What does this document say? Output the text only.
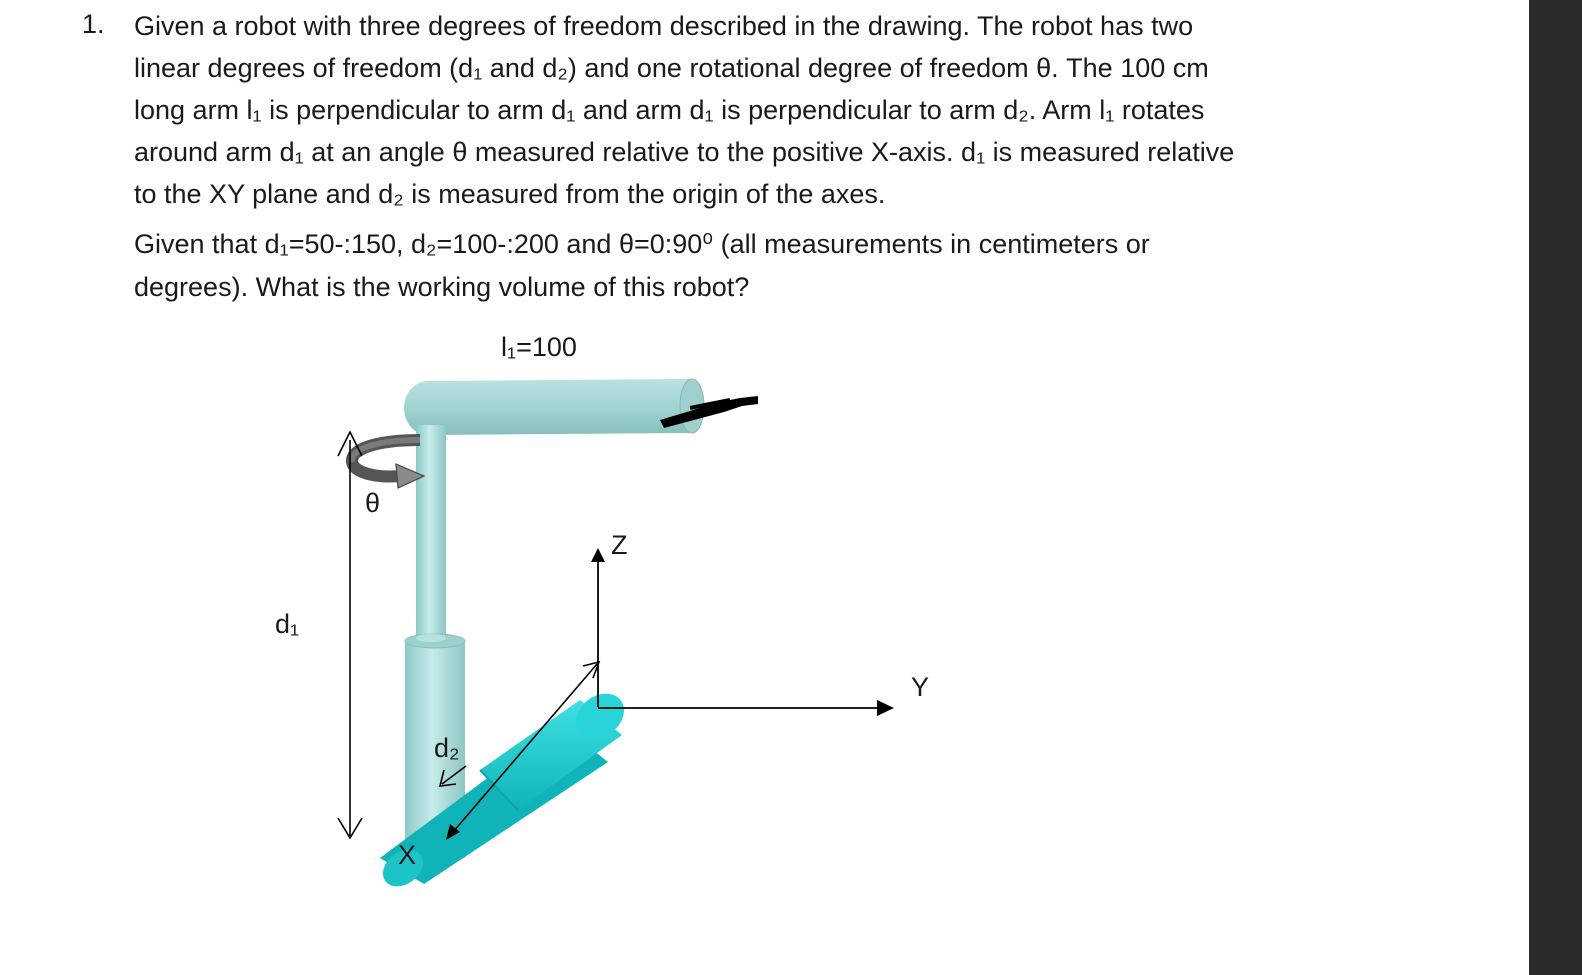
1. Given a robot with three degrees of freedom described in the drawing. The robot has two
linear degrees of freedom (d₁ and d₂) and one rotational degree of freedom θ. The 100 cm
long arm l₁ is perpendicular to arm d₁ and arm d₁ is perpendicular to arm d₂. Arm l₁ rotates
around arm d₁ at an angle θ measured relative to the positive X-axis. d₁ is measured relative
to the XY plane and d₂ is measured from the origin of the axes.
Given that d₁=50-:150, d₂=100-:200 and θ=0:90⁰ (all measurements in centimeters or
degrees). What is the working volume of this robot?
l₁=100
θ
Z
d₁
Y
d₂
X
